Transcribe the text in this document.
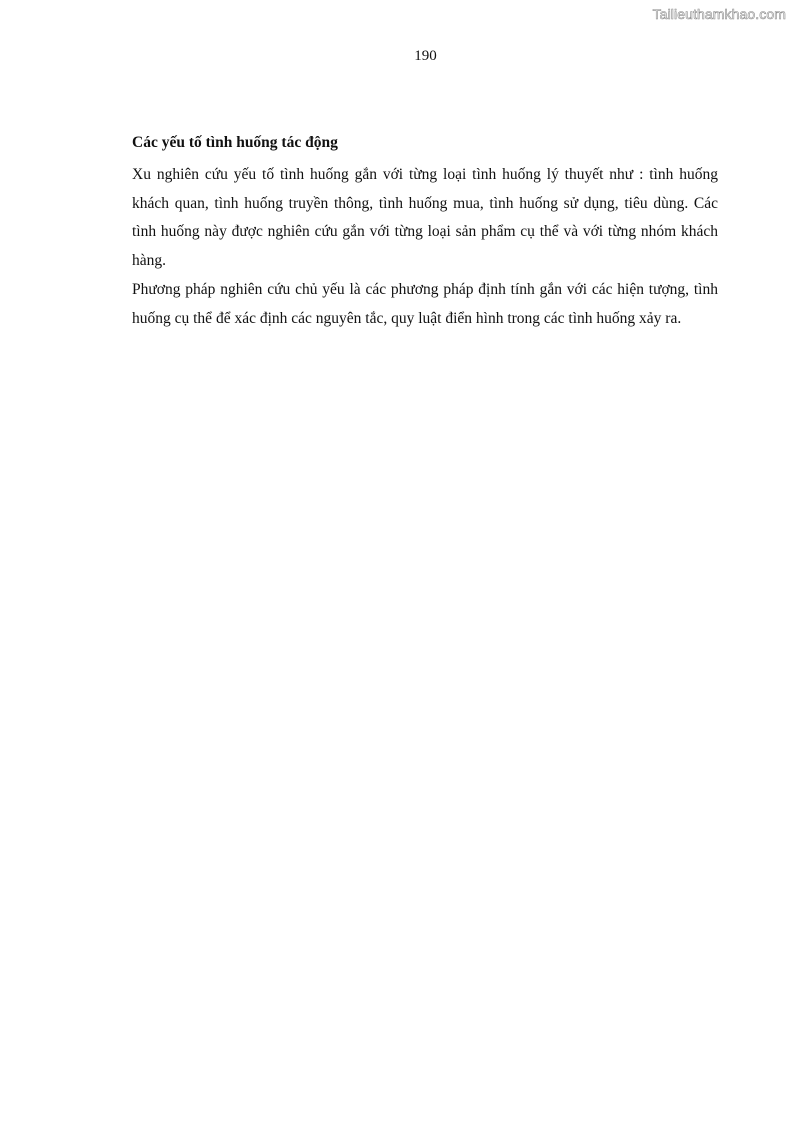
Tailieuthamkhao.com
190
Các yếu tố tình huống tác động

Xu nghiên cứu yếu tố tình huống gắn với từng loại tình huống lý thuyết như : tình huống khách quan, tình huống truyền thông, tình huống mua, tình huống sử dụng, tiêu dùng. Các tình huống này được nghiên cứu gắn với từng loại sản phẩm cụ thể và với từng nhóm khách hàng.

Phương pháp nghiên cứu chủ yếu là các phương pháp định tính gắn với các hiện tượng, tình huống cụ thể để xác định các nguyên tắc, quy luật điển hình trong các tình huống xảy ra.
